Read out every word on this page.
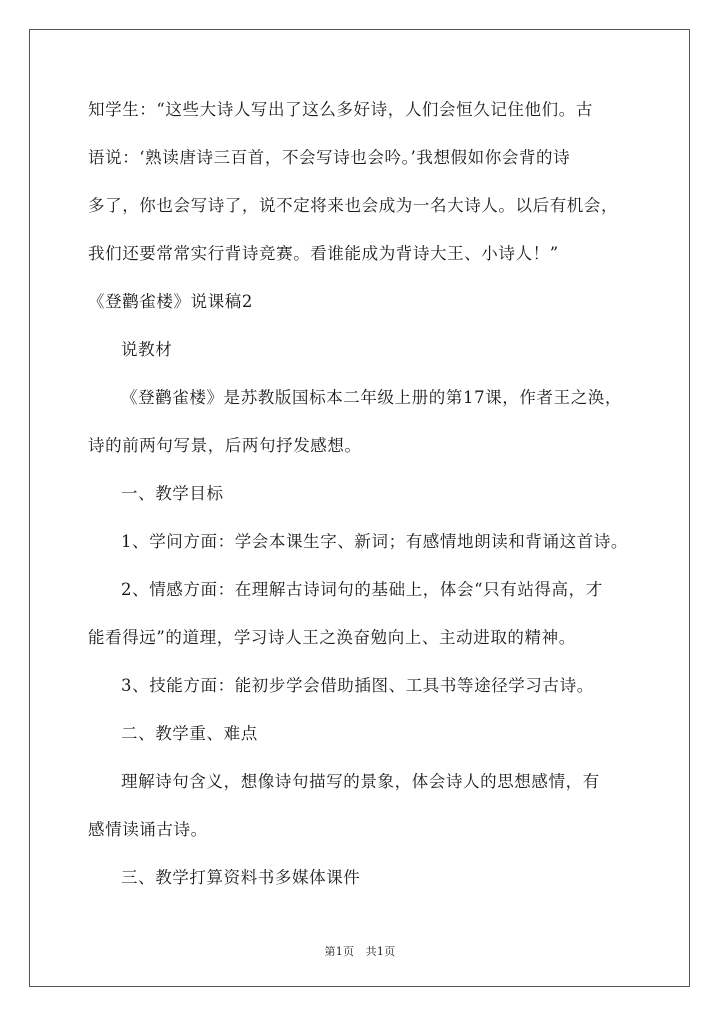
知学生：“这些大诗人写出了这么多好诗，人们会恒久记住他们。古
语说：‘熟读唐诗三百首，不会写诗也会吟。’我想假如你会背的诗
多了，你也会写诗了，说不定将来也会成为一名大诗人。以后有机会，
我们还要常常实行背诗竞赛。看谁能成为背诗大王、小诗人！”
《登鹳雀楼》说课稿2
说教材
《登鹳雀楼》是苏教版国标本二年级上册的第17课，作者王之涣，
诗的前两句写景，后两句抒发感想。
一、教学目标
1、学问方面：学会本课生字、新词；有感情地朗读和背诵这首诗。
2、情感方面：在理解古诗词句的基础上，体会“只有站得高，才
能看得远”的道理，学习诗人王之涣奋勉向上、主动进取的精神。
3、技能方面：能初步学会借助插图、工具书等途径学习古诗。
二、教学重、难点
理解诗句含义，想像诗句描写的景象，体会诗人的思想感情，有
感情读诵古诗。
三、教学打算资料书多媒体课件
第1页　共1页
